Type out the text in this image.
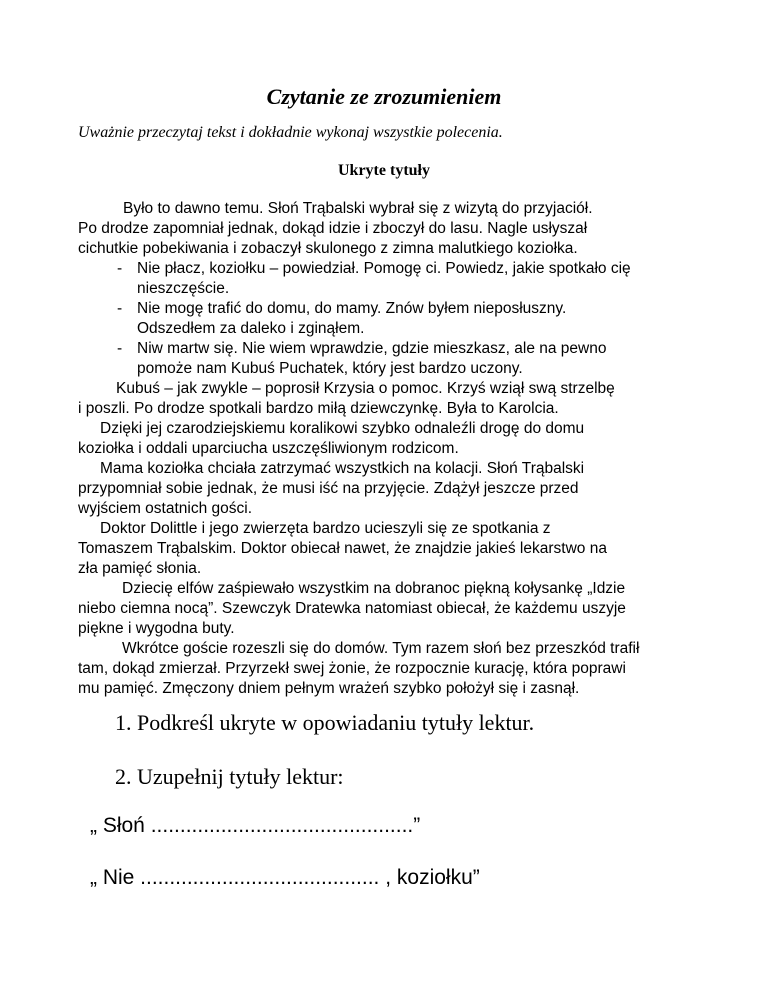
Czytanie ze zrozumieniem
Uważnie przeczytaj tekst i dokładnie wykonaj wszystkie polecenia.
Ukryte tytuły
Było to dawno temu. Słoń Trąbalski wybrał się z wizytą do przyjaciół.
Po drodze zapomniał jednak, dokąd idzie i zboczył do lasu. Nagle usłyszał
cichutkie pobekiwania i zobaczył skulonego z zimna malutkiego koziołka.
- Nie płacz, koziołku – powiedział. Pomogę ci. Powiedz, jakie spotkało cię
nieszczęście.
- Nie mogę trafić do domu, do mamy. Znów byłem nieposłuszny.
Odszedłem za daleko i zginąłem.
- Niw martw się. Nie wiem wprawdzie, gdzie mieszkasz, ale na pewno
pomoże nam Kubuś Puchatek, który jest bardzo uczony.
Kubuś – jak zwykle – poprosił Krzysia o pomoc. Krzyś wziął swą strzelbę
i poszli. Po drodze spotkali bardzo miłą dziewczynkę. Była to Karolcia.
Dzięki jej czarodziejskiemu koralikowi szybko odnaleźli drogę do domu
koziołka i oddali uparciucha uszczęśliwionym rodzicom.
Mama koziołka chciała zatrzymać wszystkich na kolacji. Słoń Trąbalski
przypomniał sobie jednak, że musi iść na przyjęcie. Zdążył jeszcze przed
wyjściem ostatnich gości.
Doktor Dolittle i jego zwierzęta bardzo ucieszyli się ze spotkania z
Tomaszem Trąbalskim. Doktor obiecał nawet, że znajdzie jakieś lekarstwo na
zła pamięć słonia.
Dziecię elfów zaśpiewało wszystkim na dobranoc piękną kołysankę „Idzie
niebo ciemna nocą”. Szewczyk Dratewka natomiast obiecał, że każdemu uszyje
piękne i wygodna buty.
Wkrótce goście rozeszli się do domów. Tym razem słoń bez przeszkód trafił
tam, dokąd zmierzał. Przyrzekł swej żonie, że rozpocznie kurację, która poprawi
mu pamięć. Zmęczony dniem pełnym wrażeń szybko położył się i zasnął.
1. Podkreśl ukryte w opowiadaniu tytuły lektur.
2. Uzupełnij tytuły lektur:
„ Słoń .............................................”
„ Nie ......................................... , koziołku”
